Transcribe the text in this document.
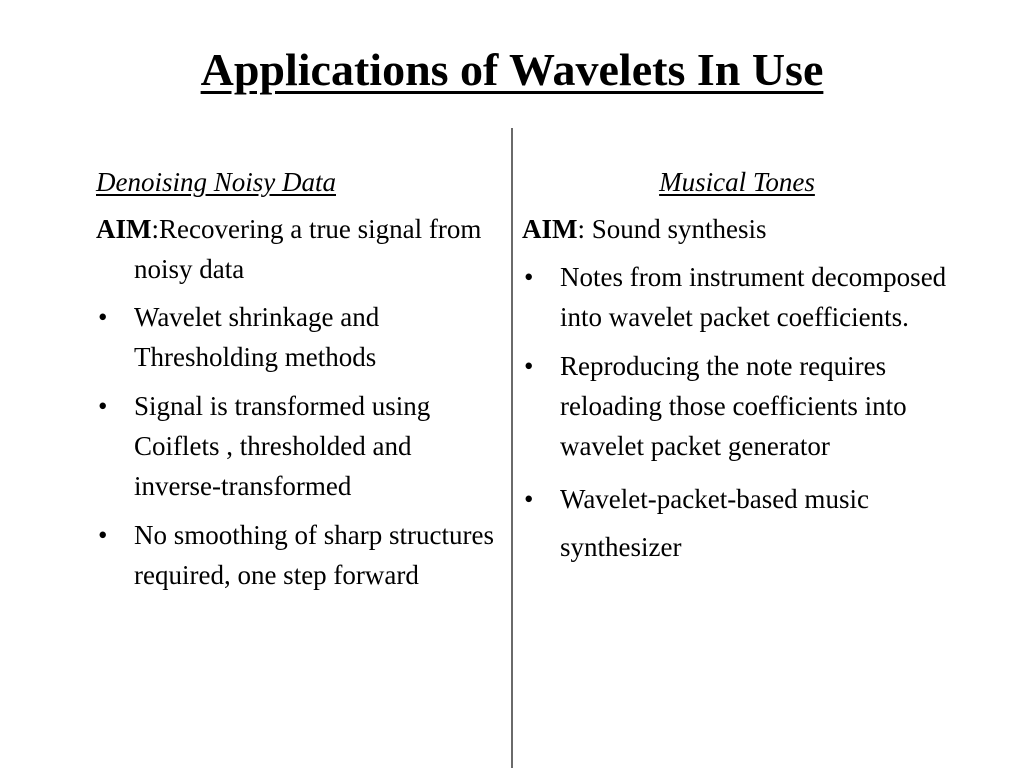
Applications of Wavelets In Use
Denoising Noisy Data

AIM:Recovering a true signal from noisy data

• Wavelet shrinkage and Thresholding methods
• Signal is transformed using Coiflets , thresholded and inverse-transformed
• No smoothing of sharp structures required, one step forward
Musical Tones

AIM: Sound synthesis

• Notes from instrument decomposed into wavelet packet coefficients.
• Reproducing the note requires reloading those coefficients into wavelet packet generator
• Wavelet-packet-based music synthesizer
